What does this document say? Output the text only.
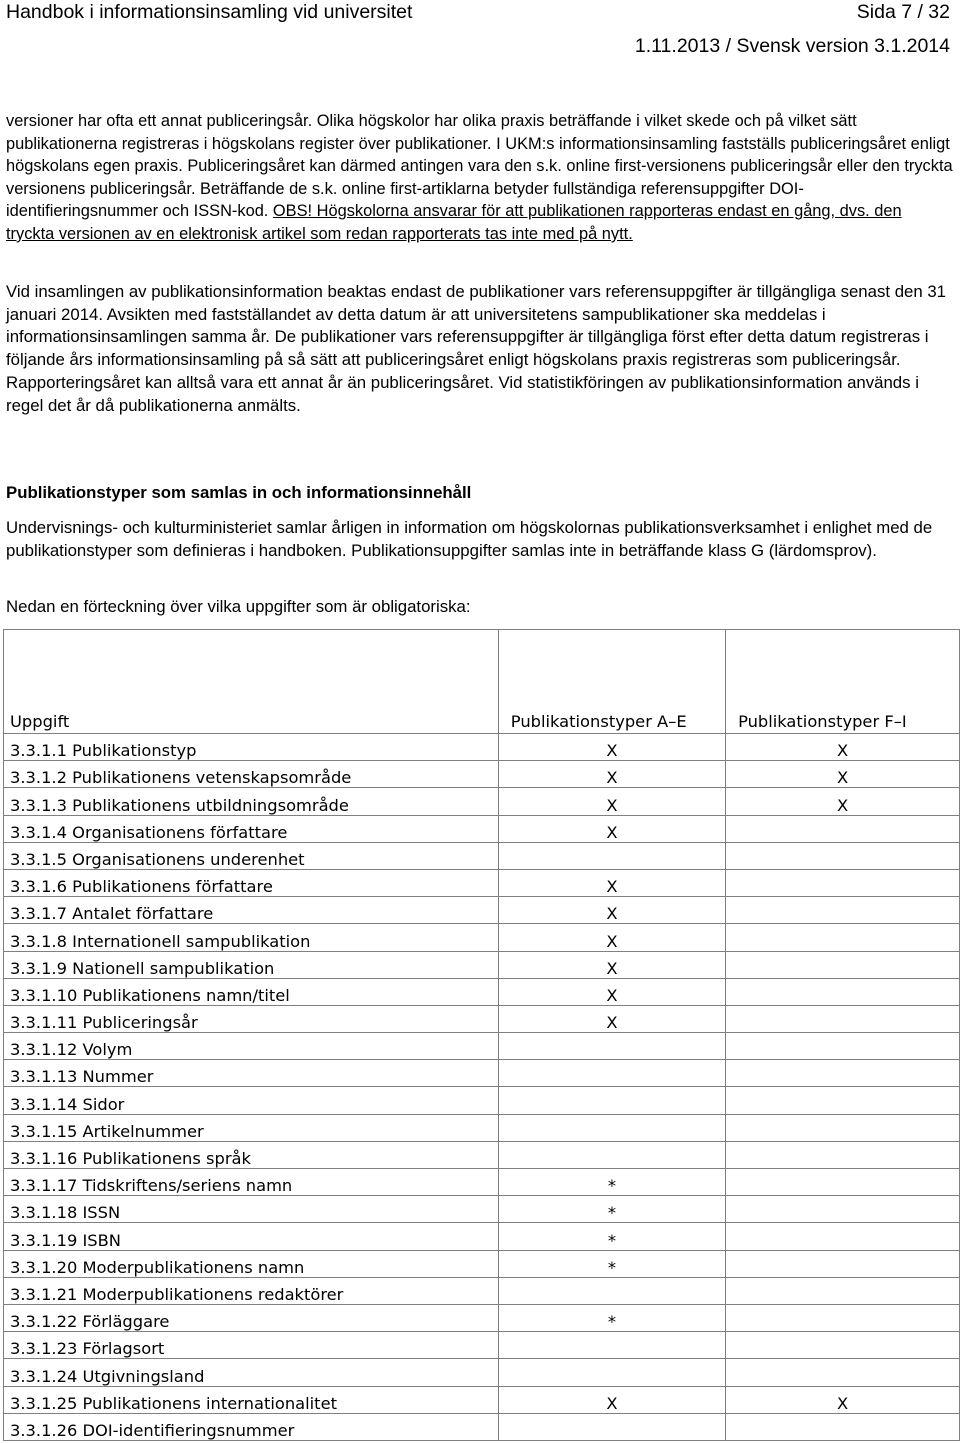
Handbok i informationsinsamling vid universitet	Sida 7 / 32
1.11.2013 / Svensk version 3.1.2014

versioner har ofta ett annat publiceringsår. Olika högskolor har olika praxis beträffande i vilket skede och på vilket sätt publikationerna registreras i högskolans register över publikationer. I UKM:s informationsinsamling fastställs publiceringsåret enligt högskolans egen praxis. Publiceringsåret kan därmed antingen vara den s.k. online first-versionens publiceringsår eller den tryckta versionens publiceringsår. Beträffande de s.k. online first-artiklarna betyder fullständiga referensuppgifter DOI-identifieringsnummer och ISSN-kod. OBS! Högskolorna ansvarar för att publikationen rapporteras endast en gång, dvs. den tryckta versionen av en elektronisk artikel som redan rapporterats tas inte med på nytt.

Vid insamlingen av publikationsinformation beaktas endast de publikationer vars referensuppgifter är tillgängliga senast den 31 januari 2014. Avsikten med fastställandet av detta datum är att universitetens sampublikationer ska meddelas i informationsinsamlingen samma år. De publikationer vars referensuppgifter är tillgängliga först efter detta datum registreras i följande års informationsinsamling på så sätt att publiceringsåret enligt högskolans praxis registreras som publiceringsår. Rapporteringsåret kan alltså vara ett annat år än publiceringsåret. Vid statistikföringen av publikationsinformation används i regel det år då publikationerna anmälts.

Publikationstyper som samlas in och informationsinnehåll

Undervisnings- och kulturministeriet samlar årligen in information om högskolornas publikationsverksamhet i enlighet med de publikationstyper som definieras i handboken. Publikationsuppgifter samlas inte in beträffande klass G (lärdomsprov).

Nedan en förteckning över vilka uppgifter som är obligatoriska:

Uppgift	Publikationstyper A–E	Publikationstyper F–I
3.3.1.1 Publikationstyp	X	X
3.3.1.2 Publikationens vetenskapsområde	X	X
3.3.1.3 Publikationens utbildningsområde	X	X
3.3.1.4 Organisationens författare	X	
3.3.1.5 Organisationens underenhet		
3.3.1.6 Publikationens författare	X	
3.3.1.7 Antalet författare	X	
3.3.1.8 Internationell sampublikation	X	
3.3.1.9 Nationell sampublikation	X	
3.3.1.10 Publikationens namn/titel	X	
3.3.1.11 Publiceringsår	X	
3.3.1.12 Volym		
3.3.1.13 Nummer		
3.3.1.14 Sidor		
3.3.1.15 Artikelnummer		
3.3.1.16 Publikationens språk		
3.3.1.17 Tidskriftens/seriens namn	*	
3.3.1.18 ISSN	*	
3.3.1.19 ISBN	*	
3.3.1.20 Moderpublikationens namn	*	
3.3.1.21 Moderpublikationens redaktörer		
3.3.1.22 Förläggare	*	
3.3.1.23 Förlagsort		
3.3.1.24 Utgivningsland		
3.3.1.25 Publikationens internationalitet	X	X
3.3.1.26 DOI-identifieringsnummer		
